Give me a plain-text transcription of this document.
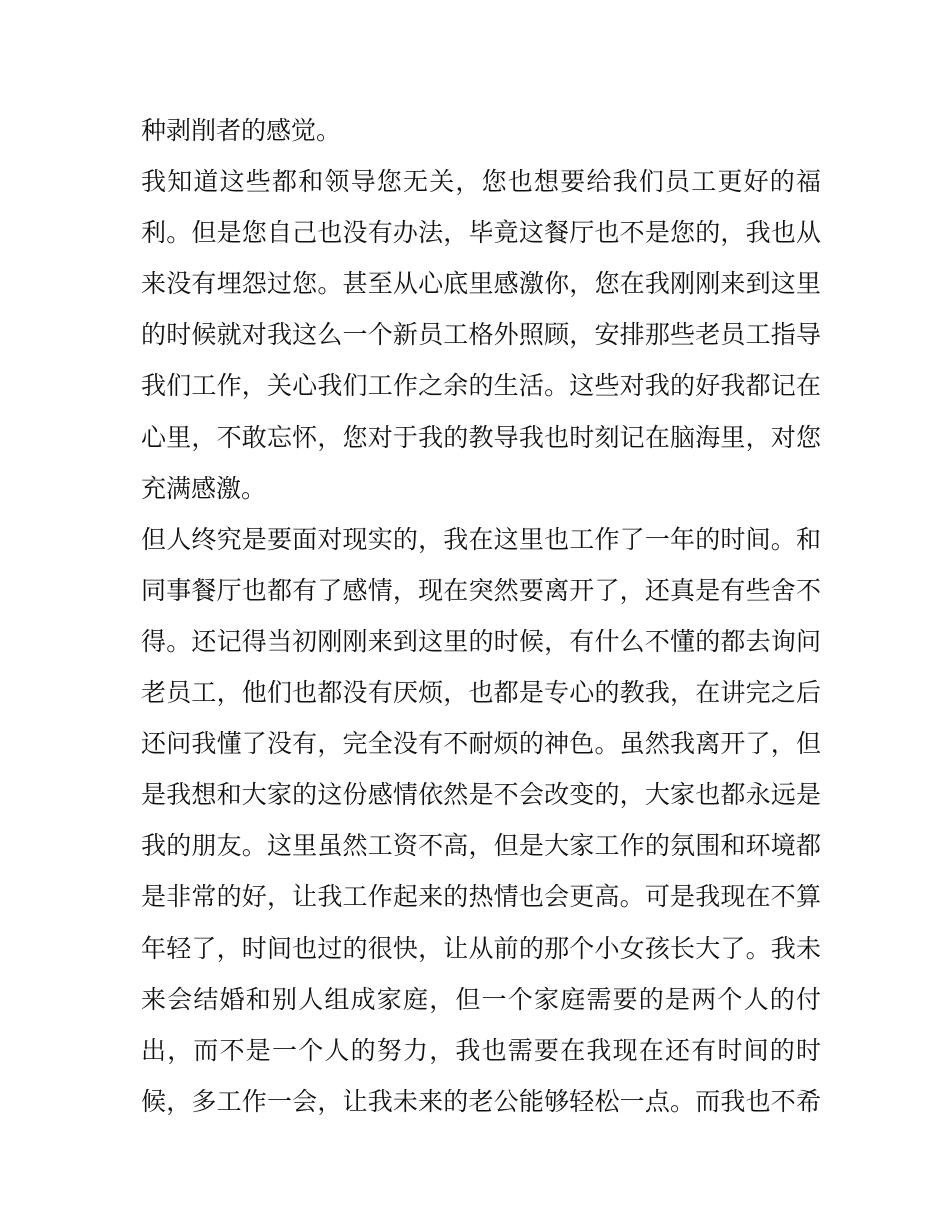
种剥削者的感觉。
我知道这些都和领导您无关，您也想要给我们员工更好的福
利。但是您自己也没有办法，毕竟这餐厅也不是您的，我也从
来没有埋怨过您。甚至从心底里感激你，您在我刚刚来到这里
的时候就对我这么一个新员工格外照顾，安排那些老员工指导
我们工作，关心我们工作之余的生活。这些对我的好我都记在
心里，不敢忘怀，您对于我的教导我也时刻记在脑海里，对您
充满感激。
但人终究是要面对现实的，我在这里也工作了一年的时间。和
同事餐厅也都有了感情，现在突然要离开了，还真是有些舍不
得。还记得当初刚刚来到这里的时候，有什么不懂的都去询问
老员工，他们也都没有厌烦，也都是专心的教我，在讲完之后
还问我懂了没有，完全没有不耐烦的神色。虽然我离开了，但
是我想和大家的这份感情依然是不会改变的，大家也都永远是
我的朋友。这里虽然工资不高，但是大家工作的氛围和环境都
是非常的好，让我工作起来的热情也会更高。可是我现在不算
年轻了，时间也过的很快，让从前的那个小女孩长大了。我未
来会结婚和别人组成家庭，但一个家庭需要的是两个人的付
出，而不是一个人的努力，我也需要在我现在还有时间的时
候，多工作一会，让我未来的老公能够轻松一点。而我也不希
